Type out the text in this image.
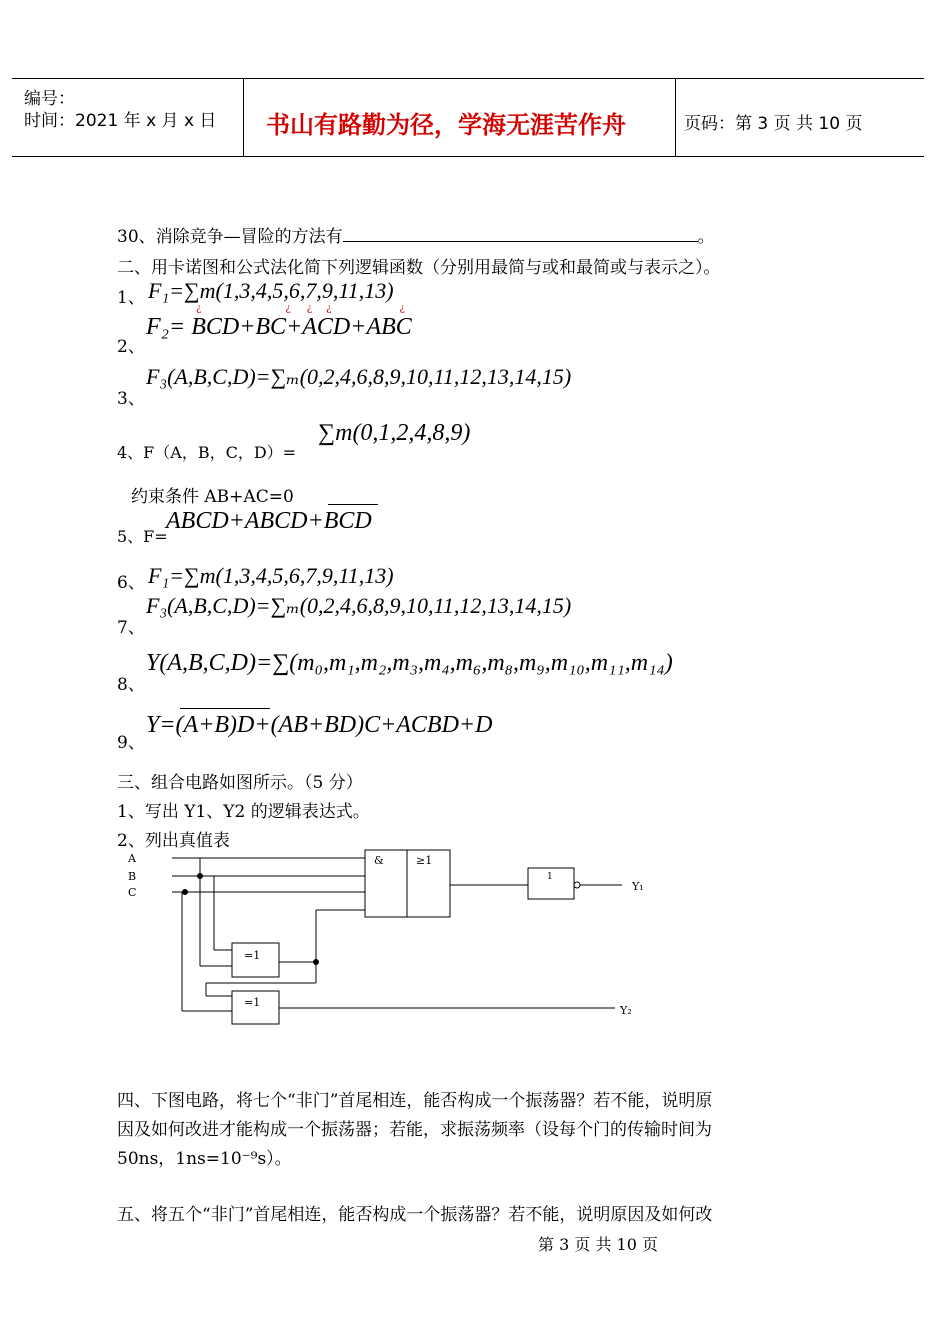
编号：
时间：2021 年 x 月 x 日 书山有路勤为径，学海无涯苦作舟	页码：第 3 页 共 10 页
30、消除竞争—冒险的方法有	。
二、用卡诺图和公式法化简下列逻辑函数（分别用最简与或和最简或与表示之）。
1、 F₁=∑m(1,3,4,5,6,7,9,11,13)
¿	¿ ¿ ¿	¿
2、
F₂= BCD+BC+ACD+ABC
3、
F₃(A,B,C,D)=∑ₘ(0,2,4,6,8,9,10,11,12,13,14,15)
4、F（A，B，C，D）=
∑m(0,1,2,4,8,9)
约束条件 AB+AC=0
5、F=
ABCD+ABCD+BCD
6、 F₁=∑m(1,3,4,5,6,7,9,11,13)
7、
F₃(A,B,C,D)=∑ₘ(0,2,4,6,8,9,10,11,12,13,14,15)
8、
Y(A,B,C,D)=∑(m₀,m₁,m₂,m₃,m₄,m₆,m₈,m₉,m₁₀,m₁₁,m₁₄)
9、
Y=(A+B)D+(AB+BD)C+ACBD+D
三、组合电路如图所示。（5 分）
1、写出 Y1、Y2 的逻辑表达式。
2、列出真值表
A
B
C
&	≥1
1
=1
=1
Y₁
Y₂
四、下图电路，将七个“非门”首尾相连，能否构成一个振荡器？若不能，说明原
因及如何改进才能构成一个振荡器；若能，求振荡频率（设每个门的传输时间为
50ns，1ns=10⁻⁹s）。
五、将五个“非门”首尾相连，能否构成一个振荡器？若不能，说明原因及如何改
第 3 页 共 10 页
